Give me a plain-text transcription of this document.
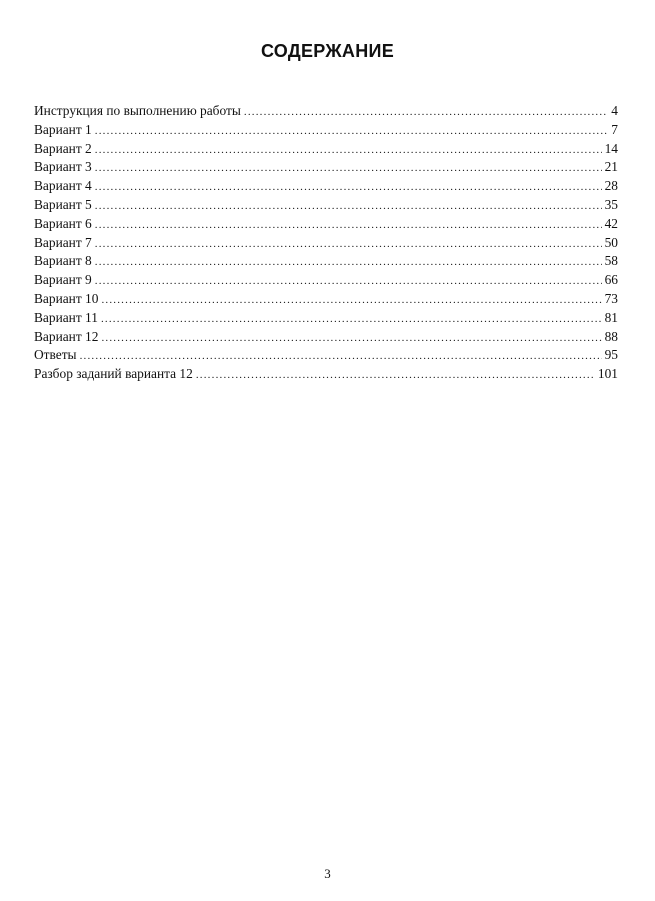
СОДЕРЖАНИЕ
Инструкция по выполнению работы .....	4
Вариант 1 .....	7
Вариант 2 .....	14
Вариант 3 .....	21
Вариант 4 .....	28
Вариант 5 .....	35
Вариант 6 .....	42
Вариант 7 .....	50
Вариант 8 .....	58
Вариант 9 .....	66
Вариант 10 .....	73
Вариант 11 .....	81
Вариант 12 .....	88
Ответы .....	95
Разбор заданий варианта 12 .....	101

3
